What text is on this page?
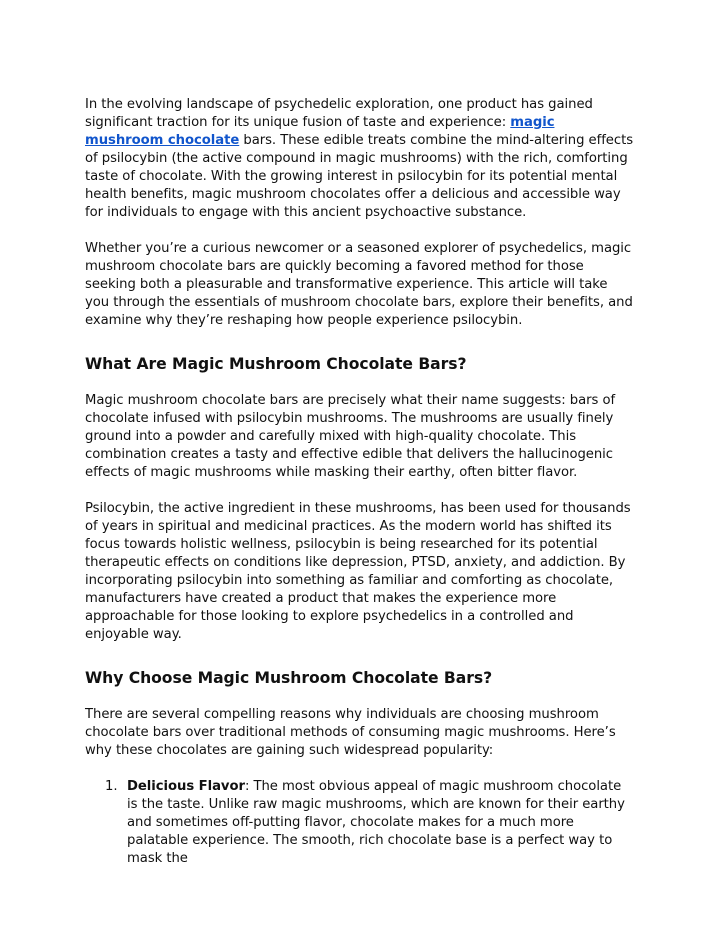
In the evolving landscape of psychedelic exploration, one product has gained significant traction for its unique fusion of taste and experience: magic mushroom chocolate bars. These edible treats combine the mind-altering effects of psilocybin (the active compound in magic mushrooms) with the rich, comforting taste of chocolate. With the growing interest in psilocybin for its potential mental health benefits, magic mushroom chocolates offer a delicious and accessible way for individuals to engage with this ancient psychoactive substance.

Whether you’re a curious newcomer or a seasoned explorer of psychedelics, magic mushroom chocolate bars are quickly becoming a favored method for those seeking both a pleasurable and transformative experience. This article will take you through the essentials of mushroom chocolate bars, explore their benefits, and examine why they’re reshaping how people experience psilocybin.

What Are Magic Mushroom Chocolate Bars?

Magic mushroom chocolate bars are precisely what their name suggests: bars of chocolate infused with psilocybin mushrooms. The mushrooms are usually finely ground into a powder and carefully mixed with high-quality chocolate. This combination creates a tasty and effective edible that delivers the hallucinogenic effects of magic mushrooms while masking their earthy, often bitter flavor.

Psilocybin, the active ingredient in these mushrooms, has been used for thousands of years in spiritual and medicinal practices. As the modern world has shifted its focus towards holistic wellness, psilocybin is being researched for its potential therapeutic effects on conditions like depression, PTSD, anxiety, and addiction. By incorporating psilocybin into something as familiar and comforting as chocolate, manufacturers have created a product that makes the experience more approachable for those looking to explore psychedelics in a controlled and enjoyable way.

Why Choose Magic Mushroom Chocolate Bars?

There are several compelling reasons why individuals are choosing mushroom chocolate bars over traditional methods of consuming magic mushrooms. Here’s why these chocolates are gaining such widespread popularity:

1. Delicious Flavor: The most obvious appeal of magic mushroom chocolate is the taste. Unlike raw magic mushrooms, which are known for their earthy and sometimes off-putting flavor, chocolate makes for a much more palatable experience. The smooth, rich chocolate base is a perfect way to mask the
